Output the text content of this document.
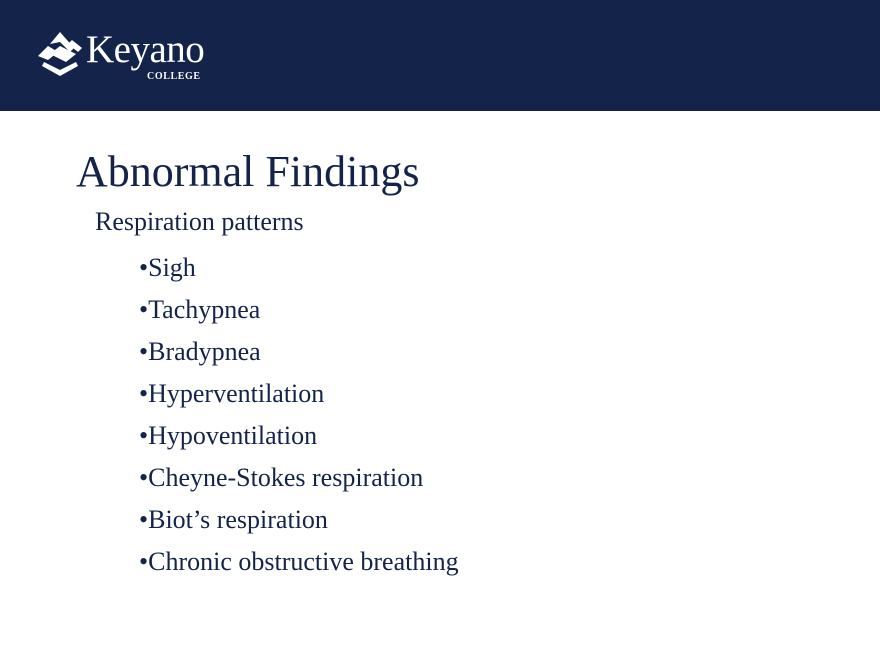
Keyano
COLLEGE
Abnormal Findings
Respiration patterns
•Sigh
•Tachypnea
•Bradypnea
•Hyperventilation
•Hypoventilation
•Cheyne-Stokes respiration
•Biot’s respiration
•Chronic obstructive breathing
